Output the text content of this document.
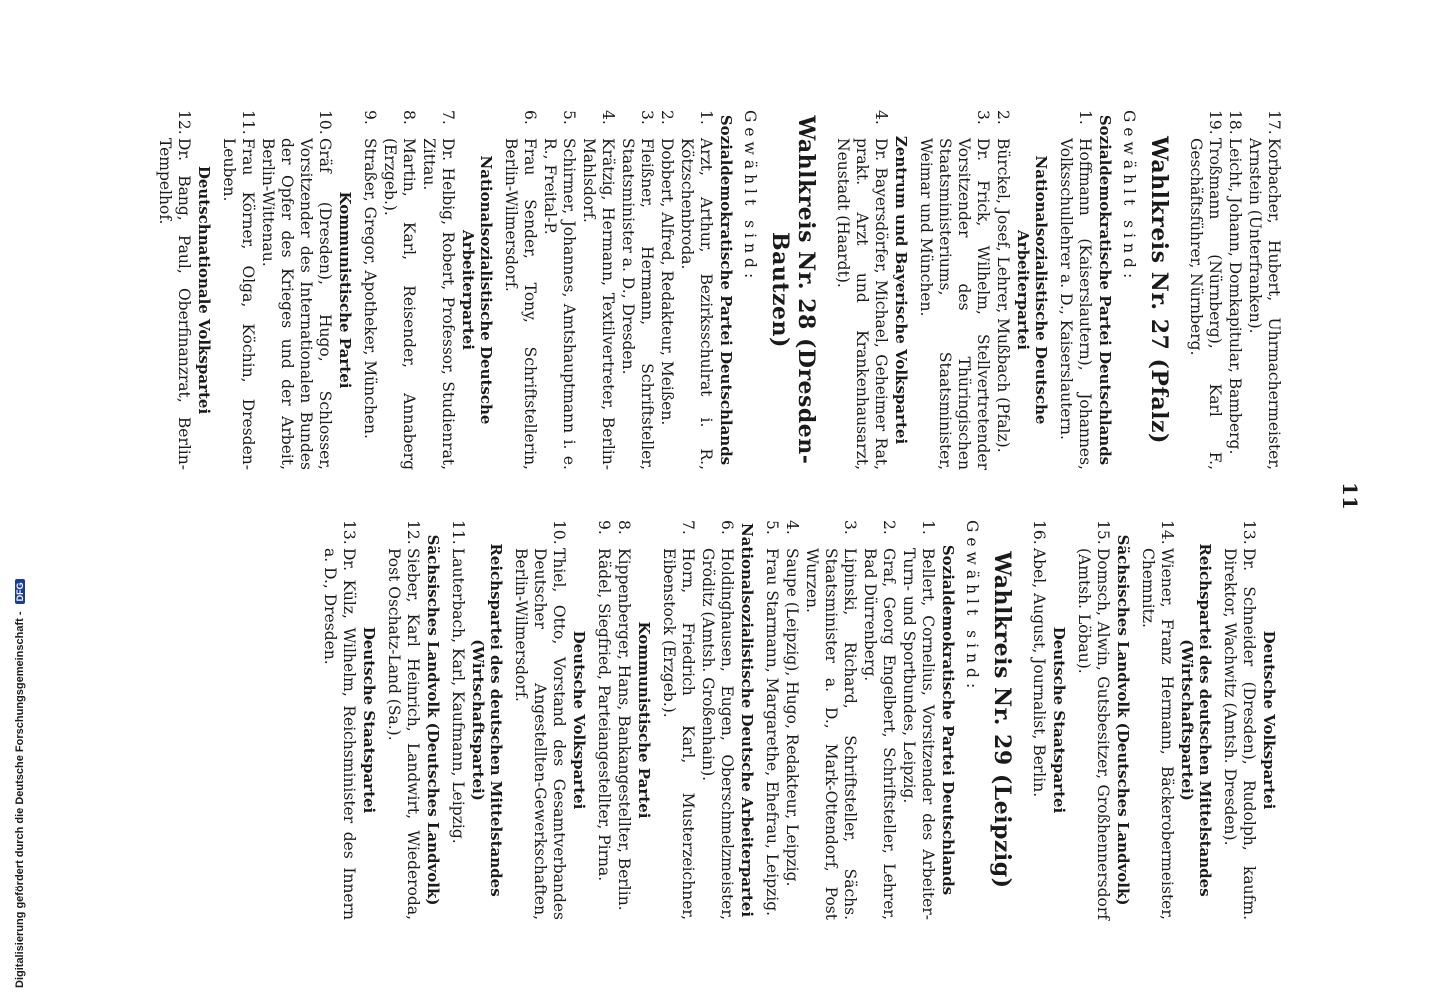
11
17.
Korbacher, Hubert, Uhrmachermeister, Arnstein (Unterfranken).
18.
Leicht, Johann, Domkapitular, Bamberg.
19.
Troßmann (Nürnberg), Karl F., Geschäftsführer, Nürnberg.
Wahlkreis Nr. 27 (Pfalz)
Gewählt sind:
Sozialdemokratische Partei Deutschlands
1.
Hoffmann (Kaiserslautern), Johannes, Volksschullehrer a. D., Kaiserslautern.
Nationalsozialistische Deutsche Arbeiterpartei
2.
Bürckel, Josef, Lehrer, Mußbach (Pfalz).
3.
Dr. Frick, Wilhelm, Stellvertretender Vorsitzender des Thüringischen Staatsministeriums, Staatsminister, Weimar und München.
Zentrum und Bayerische Volkspartei
4.
Dr. Bayersdörfer, Michael, Geheimer Rat, prakt. Arzt und Krankenhausarzt, Neustadt (Haardt).
Wahlkreis Nr. 28 (Dresden-Bautzen)
Gewählt sind:
Sozialdemokratische Partei Deutschlands
1.
Arzt, Arthur, Bezirksschulrat i. R., Kötzschenbroda.
2.
Dobbert, Alfred, Redakteur, Meißen.
3.
Fleißner, Hermann, Schriftsteller, Staatsminister a. D., Dresden.
4.
Krätzig, Hermann, Textilvertreter, Berlin-Mahlsdorf.
5.
Schirmer, Johannes, Amtshauptmann i. e. R., Freital-P.
6.
Frau Sender, Tony, Schriftstellerin, Berlin-Wilmersdorf.
Nationalsozialistische Deutsche Arbeiterpartei
7.
Dr. Helbig, Robert, Professor, Studienrat, Zittau.
8.
Martin, Karl, Reisender, Annaberg (Erzgeb.).
9.
Straßer, Gregor, Apotheker, München.
Kommunistische Partei
10.
Gräf (Dresden), Hugo, Schlosser, Vorsitzender des Internationalen Bundes der Opfer des Krieges und der Arbeit, Berlin-Wittenau.
11.
Frau Körner, Olga, Köchin, Dresden-Leuben.
Deutschnationale Volkspartei
12.
Dr. Bang, Paul, Oberfinanzrat, Berlin-Tempelhof.
Deutsche Volkspartei
13.
Dr. Schneider (Dresden), Rudolph, kaufm. Direktor, Wachwitz (Amtsh. Dresden).
Reichspartei des deutschen Mittelstandes (Wirtschaftspartei)
14.
Wiener, Franz Hermann, Bäckerobermeister, Chemnitz.
Sächsisches Landvolk (Deutsches Landvolk)
15.
Domsch, Alwin, Gutsbesitzer, Großhennersdorf (Amtsh. Löbau).
Deutsche Staatspartei
16.
Abel, August, Journalist, Berlin.
Wahlkreis Nr. 29 (Leipzig)
Gewählt sind:
Sozialdemokratische Partei Deutschlands
1.
Bellert, Cornelius, Vorsitzender des Arbeiter-Turn- und Sportbundes, Leipzig.
2.
Graf, Georg Engelbert, Schriftsteller, Lehrer, Bad Dürrenberg.
3.
Lipinski, Richard, Schriftsteller, Sächs. Staatsminister a. D., Mark-Ottendorf, Post Wurzen.
4.
Saupe (Leipzig), Hugo, Redakteur, Leipzig.
5.
Frau Starmann, Margarethe, Ehefrau, Leipzig.
Nationalsozialistische Deutsche Arbeiterpartei
6.
Holdinghausen, Eugen, Oberschmelzmeister, Gröditz (Amtsh. Großenhain).
7.
Horn, Friedrich Karl, Musterzeichner, Eibenstock (Erzgeb.).
Kommunistische Partei
8.
Kippenberger, Hans, Bankangestellter, Berlin.
9.
Rädel, Siegfried, Parteiangestellter, Pirna.
Deutsche Volkspartei
10.
Thiel, Otto, Vorstand des Gesamtverbandes Deutscher Angestellten-Gewerkschaften, Berlin-Wilmersdorf.
Reichspartei des deutschen Mittelstandes (Wirtschaftspartei)
11.
Lauterbach, Karl, Kaufmann, Leipzig.
Sächsisches Landvolk (Deutsches Landvolk)
12.
Sieber, Karl Heinrich, Landwirt, Wiederoda, Post Oschatz-Land (Sa.).
Deutsche Staatspartei
13.
Dr. Külz, Wilhelm, Reichsminister des Innern a. D., Dresden.
Digitalisierung gefördert durch die Deutsche Forschungsgemeinschaft - DFG
